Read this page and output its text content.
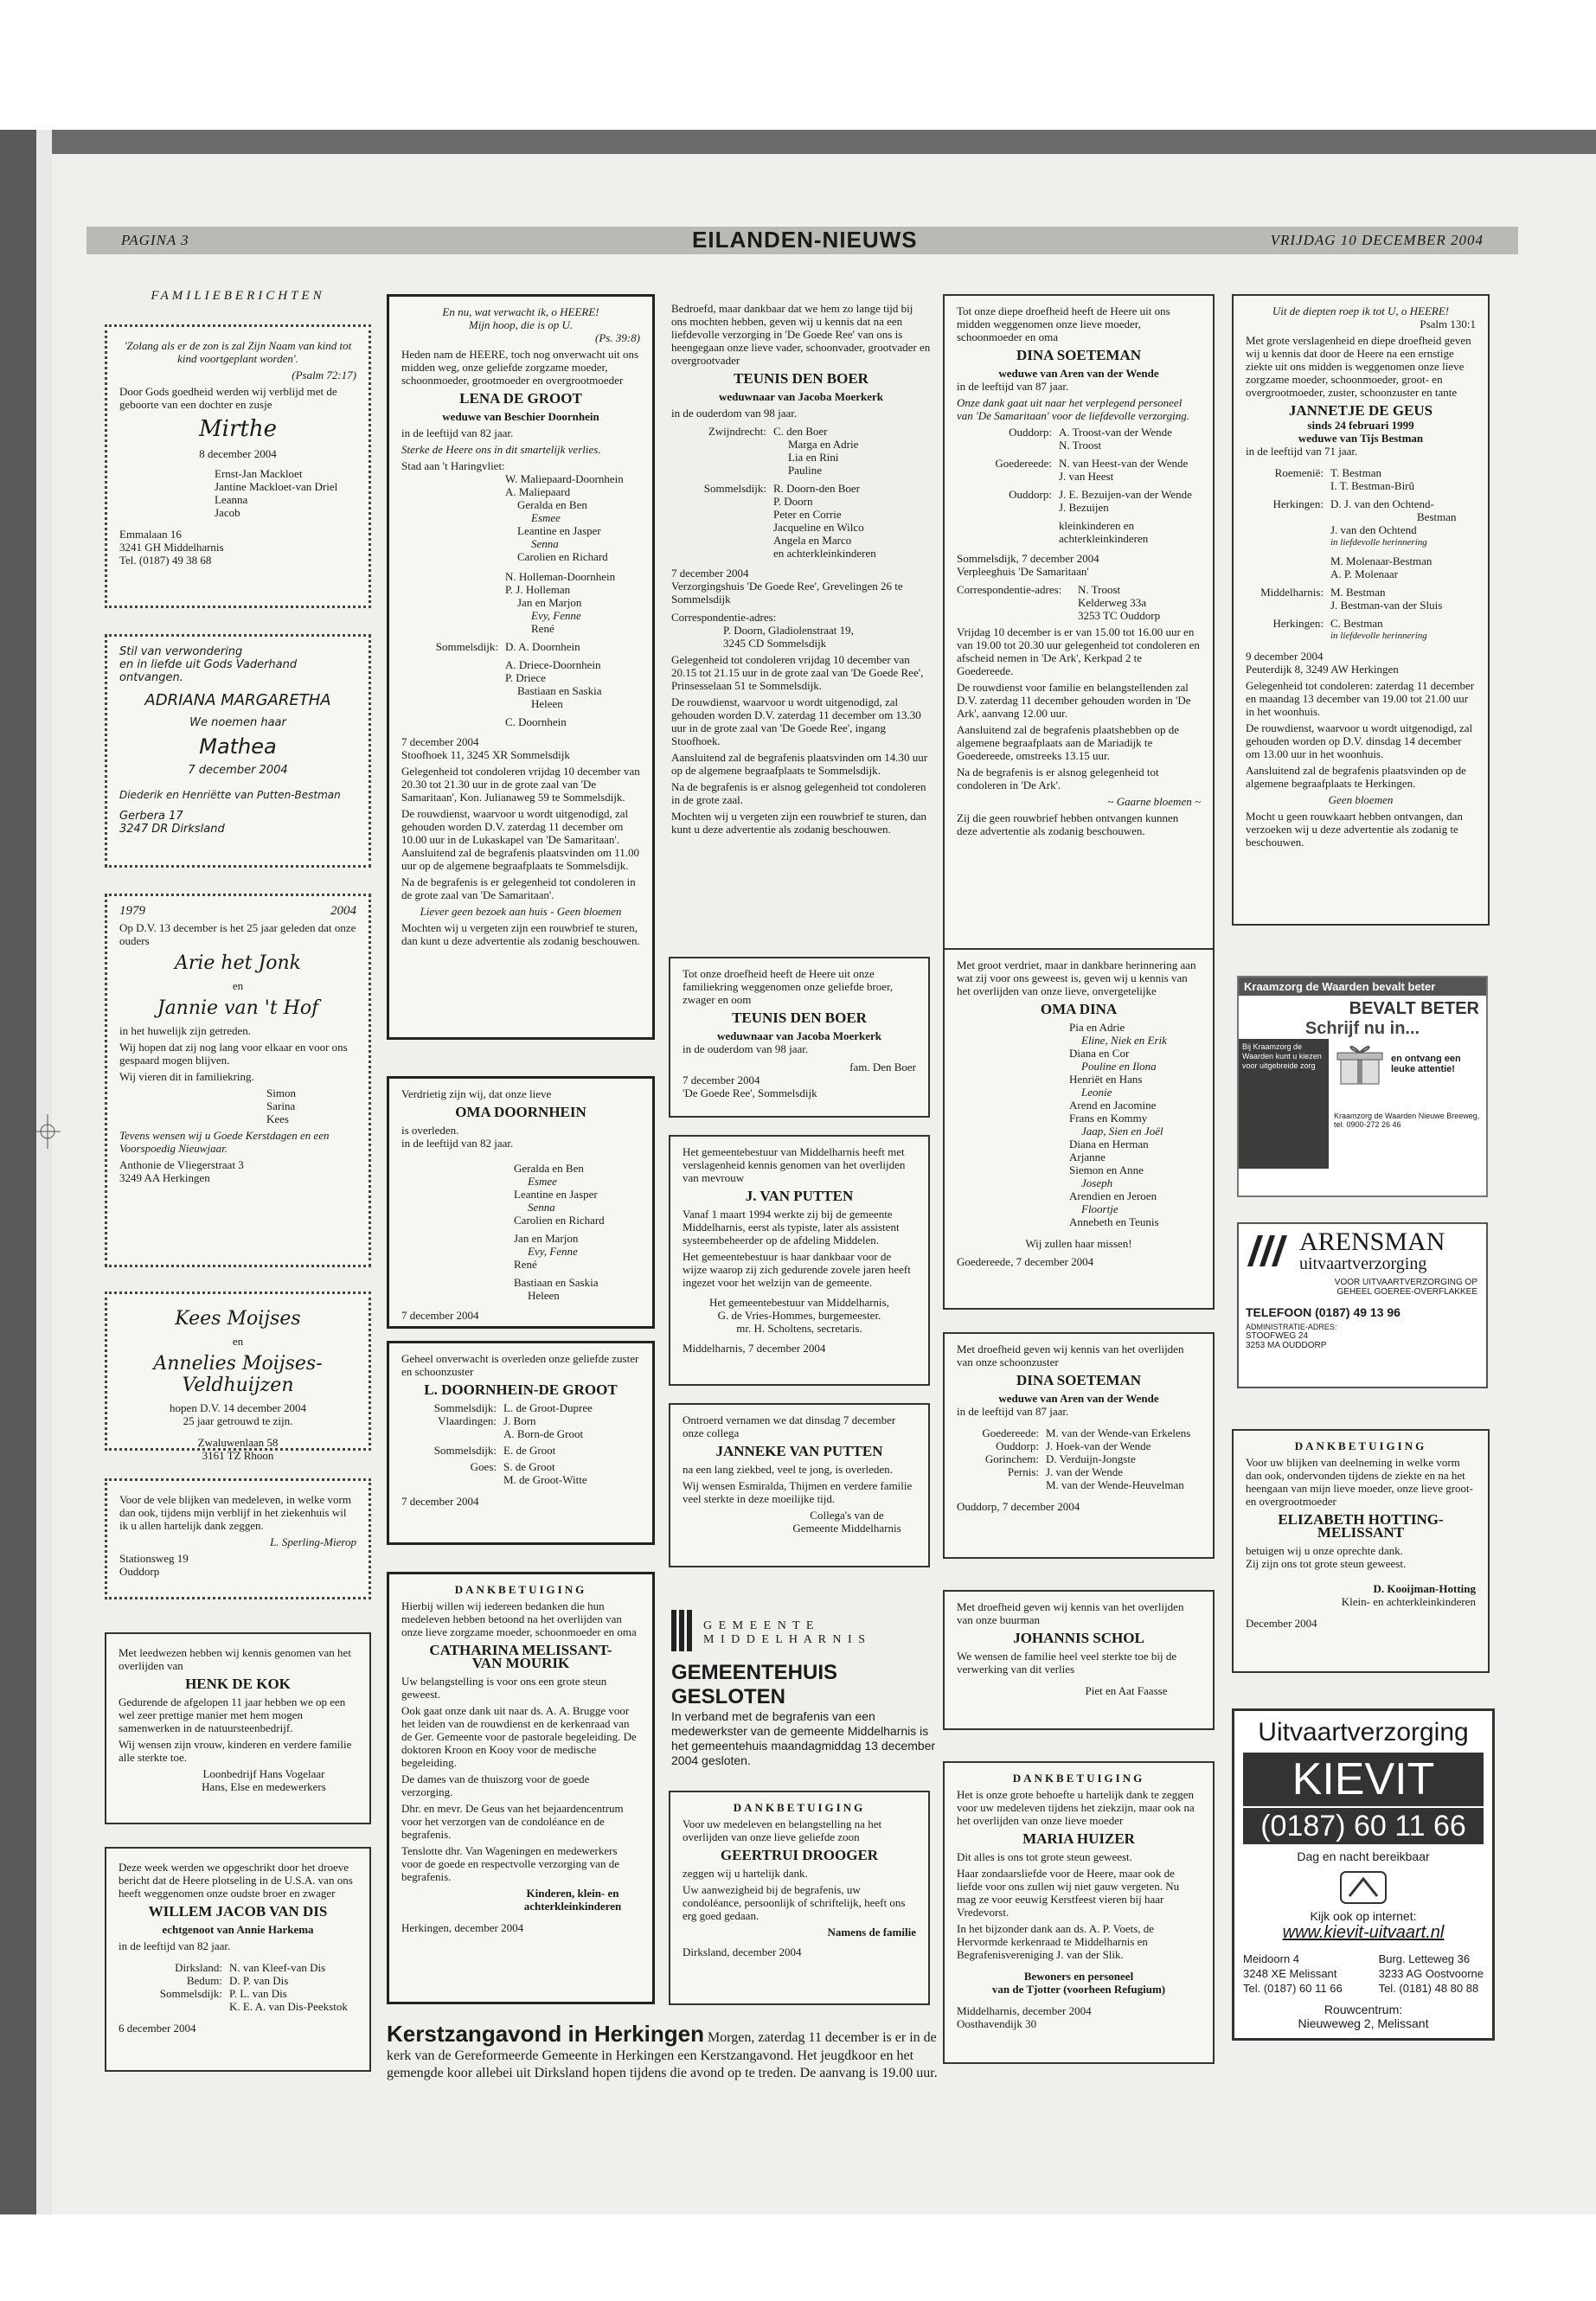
PAGINA 3	EILANDEN-NIEUWS	VRIJDAG 10 DECEMBER 2004
FAMILIEBERICHTEN

'Zolang als er de zon is zal Zijn Naam van kind tot kind voortgeplant worden'.

(Psalm 72:17)

Door Gods goedheid werden wij verblijd met de geboorte van een dochter en zusje

Mirthe

8 december 2004

Ernst-Jan Mackloet
Jantine Mackloet-van Driel
Leanna
Jacob
Emmalaan 16
3241 GH Middelharnis
Tel. (0187) 49 38 68
Stil van verwondering
en in liefde uit Gods Vaderhand ontvangen.
ADRIANA MARGARETHA
We noemen haar
Mathea
7 december 2004
Diederik en Henriëtte van Putten-Bestman
Gerbera 17
3247 DR Dirksland
1979	2004

Op D.V. 13 december is het 25 jaar geleden dat onze ouders

Arie het Jonk
en
Jannie van 't Hof

in het huwelijk zijn getreden.

Wij hopen dat zij nog lang voor elkaar en voor ons gespaard mogen blijven.

Wij vieren dit in familiekring.

Simon
Sarina
Kees

Tevens wensen wij u Goede Kerstdagen en een Voorspoedig Nieuwjaar.

Anthonie de Vliegerstraat 3
3249 AA Herkingen
Kees Moijses
en
Annelies Moijses-Veldhuijzen
hopen D.V. 14 december 2004
25 jaar getrouwd te zijn.
Zwaluwenlaan 58
3161 TZ Rhoon

Voor de vele blijken van medeleven, in welke vorm dan ook, tijdens mijn verblijf in het ziekenhuis wil ik u allen hartelijk dank zeggen.

L. Sperling-Mierop

Stationsweg 19
Ouddorp

Met leedwezen hebben wij kennis genomen van het overlijden van

HENK DE KOK

Gedurende de afgelopen 11 jaar hebben we op een wel zeer prettige manier met hem mogen samenwerken in de natuursteenbedrijf.

Wij wensen zijn vrouw, kinderen en verdere familie alle sterkte toe.

Loonbedrijf Hans Vogelaar
Hans, Else en medewerkers

Deze week werden we opgeschrikt door het droeve bericht dat de Heere plotseling in de U.S.A. van ons heeft weggenomen onze oudste broer en zwager

WILLEM JACOB VAN DIS
echtgenoot van Annie Harkema

in de leeftijd van 82 jaar.

Dirksland: N. van Kleef-van Dis
Bedum: D. P. van Dis
Sommelsdijk: P. L. van Dis
K. E. A. van Dis-Peekstok

6 december 2004

En nu, wat verwacht ik, o HEERE!
Mijn hoop, die is op U.
(Ps. 39:8)

Heden nam de HEERE, toch nog onverwacht uit ons midden weg, onze geliefde zorgzame moeder, schoonmoeder, grootmoeder en overgrootmoeder

LENA DE GROOT
weduwe van Beschier Doornhein

in de leeftijd van 82 jaar.

Sterke de Heere ons in dit smartelijk verlies.

Stad aan 't Haringvliet:
W. Maliepaard-Doornhein
A. Maliepaard
Geralda en Ben
Esmee
Leantine en Jasper
Senna
Carolien en Richard
N. Holleman-Doornhein
P. J. Holleman
Jan en Marjon
Evy, Fenne
René
Sommelsdijk: D. A. Doornhein
A. Driece-Doornhein
P. Driece
Bastiaan en Saskia
Heleen
C. Doornhein
7 december 2004
Stoofhoek 11, 3245 XR Sommelsdijk

Gelegenheid tot condoleren vrijdag 10 december van 20.30 tot 21.30 uur in de grote zaal van 'De Samaritaan', Kon. Julianaweg 59 te Sommelsdijk.

De rouwdienst, waarvoor u wordt uitgenodigd, zal gehouden worden D.V. zaterdag 11 december om 10.00 uur in de Lukaskapel van 'De Samaritaan'. Aansluitend zal de begrafenis plaatsvinden om 11.00 uur op de algemene begraafplaats te Sommelsdijk.

Na de begrafenis is er gelegenheid tot condoleren in de grote zaal van 'De Samaritaan'.

Liever geen bezoek aan huis - Geen bloemen

Mochten wij u vergeten zijn een rouwbrief te sturen, dan kunt u deze advertentie als zodanig beschouwen.

Verdrietig zijn wij, dat onze lieve
OMA DOORNHEIN
is overleden.
in de leeftijd van 82 jaar.
Geralda en Ben
Esmee
Leantine en Jasper
Senna
Carolien en Richard
Jan en Marjon
Evy, Fenne
René
Bastiaan en Saskia
Heleen
7 december 2004
Geheel onverwacht is overleden onze geliefde zuster en schoonzuster
L. DOORNHEIN-DE GROOT
Sommelsdijk: L. de Groot-Dupree
Vlaardingen: J. Born
A. Born-de Groot
Sommelsdijk: E. de Groot
Goes: S. de Groot
M. de Groot-Witte
7 december 2004
DANKBETUIGING

Hierbij willen wij iedereen bedanken die hun medeleven hebben betoond na het overlijden van onze lieve zorgzame moeder, schoonmoeder en oma

CATHARINA MELISSANT-
VAN MOURIK

Uw belangstelling is voor ons een grote steun geweest.

Ook gaat onze dank uit naar ds. A. A. Brugge voor het leiden van de rouwdienst en de kerkenraad van de Ger. Gemeente voor de pastorale begeleiding. De doktoren Kroon en Kooy voor de medische begeleiding.

De dames van de thuiszorg voor de goede verzorging.

Dhr. en mevr. De Geus van het bejaardencentrum voor het verzorgen van de condoléance en de begrafenis.

Tenslotte dhr. Van Wageningen en medewerkers voor de goede en respectvolle verzorging van de begrafenis.

Kinderen, klein- en
achterkleinkinderen
Herkingen, december 2004

Bedroefd, maar dankbaar dat we hem zo lange tijd bij ons mochten hebben, geven wij u kennis dat na een liefdevolle verzorging in 'De Goede Ree' van ons is heengegaan onze lieve vader, schoonvader, grootvader en overgrootvader

TEUNIS DEN BOER
weduwnaar van Jacoba Moerkerk

in de ouderdom van 98 jaar.

Zwijndrecht: C. den Boer
Marga en Adrie
Lia en Rini
Pauline
Sommelsdijk: R. Doorn-den Boer
P. Doorn
Peter en Corrie
Jacqueline en Wilco
Angela en Marco
en achterkleinkinderen
7 december 2004
Verzorgingshuis 'De Goede Ree', Grevelingen 26 te Sommelsdijk
Correspondentie-adres:
P. Doorn, Gladiolenstraat 19,
3245 CD Sommelsdijk

Gelegenheid tot condoleren vrijdag 10 december van 20.15 tot 21.15 uur in de grote zaal van 'De Goede Ree', Prinsesselaan 51 te Sommelsdijk.

De rouwdienst, waarvoor u wordt uitgenodigd, zal gehouden worden D.V. zaterdag 11 december om 13.30 uur in de grote zaal van 'De Goede Ree', ingang Stoofhoek.

Aansluitend zal de begrafenis plaatsvinden om 14.30 uur op de algemene begraafplaats te Sommelsdijk.

Na de begrafenis is er alsnog gelegenheid tot condoleren in de grote zaal.

Mochten wij u vergeten zijn een rouwbrief te sturen, dan kunt u deze advertentie als zodanig beschouwen.

Tot onze droefheid heeft de Heere uit onze familiekring weggenomen onze geliefde broer, zwager en oom
TEUNIS DEN BOER
weduwnaar van Jacoba Moerkerk
in de ouderdom van 98 jaar.
fam. Den Boer
7 december 2004
'De Goede Ree', Sommelsdijk
Het gemeentebestuur van Middelharnis heeft met verslagenheid kennis genomen van het overlijden van mevrouw
J. VAN PUTTEN

Vanaf 1 maart 1994 werkte zij bij de gemeente Middelharnis, eerst als typiste, later als assistent systeembeheerder op de afdeling Middelen.

Het gemeentebestuur is haar dankbaar voor de wijze waarop zij zich gedurende zovele jaren heeft ingezet voor het welzijn van de gemeente.

Het gemeentebestuur van Middelharnis,
G. de Vries-Hommes, burgemeester.
mr. H. Scholtens, secretaris.
Middelharnis, 7 december 2004
Ontroerd vernamen we dat dinsdag 7 december onze collega
JANNEKE VAN PUTTEN

na een lang ziekbed, veel te jong, is overleden.

Wij wensen Esmiralda, Thijmen en verdere familie veel sterkte in deze moeilijke tijd.

Collega's van de
Gemeente Middelharnis
G E M E E N T E
M I D D E L H A R N I S
GEMEENTEHUIS GESLOTEN
In verband met de begrafenis van een medewerkster van de gemeente Middelharnis is het gemeentehuis maandagmiddag 13 december 2004 gesloten.
DANKBETUIGING

Voor uw medeleven en belangstelling na het overlijden van onze lieve geliefde zoon

GEERTRUI DROOGER

zeggen wij u hartelijk dank.

Uw aanwezigheid bij de begrafenis, uw condoléance, persoonlijk of schriftelijk, heeft ons erg goed gedaan.

Namens de familie
Dirksland, december 2004
Tot onze diepe droefheid heeft de Heere uit ons midden weggenomen onze lieve moeder, schoonmoeder en oma
DINA SOETEMAN
weduwe van Aren van der Wende
in de leeftijd van 87 jaar.

Onze dank gaat uit naar het verplegend personeel van 'De Samaritaan' voor de liefdevolle verzorging.

Ouddorp: A. Troost-van der Wende
N. Troost
Goedereede: N. van Heest-van der Wende
J. van Heest
Ouddorp: J. E. Bezuijen-van der Wende
J. Bezuijen
kleinkinderen en
achterkleinkinderen
Sommelsdijk, 7 december 2004
Verpleeghuis 'De Samaritaan'
Correspondentie-adres:	N. Troost
Kelderweg 33a
3253 TC Ouddorp

Vrijdag 10 december is er van 15.00 tot 16.00 uur en van 19.00 tot 20.30 uur gelegenheid tot condoleren en afscheid nemen in 'De Ark', Kerkpad 2 te Goedereede.

De rouwdienst voor familie en belangstellenden zal D.V. zaterdag 11 december gehouden worden in 'De Ark', aanvang 12.00 uur.

Aansluitend zal de begrafenis plaatshebben op de algemene begraafplaats aan de Mariadijk te Goedereede, omstreeks 13.15 uur.

Na de begrafenis is er alsnog gelegenheid tot condoleren in 'De Ark'.

~ Gaarne bloemen ~

Zij die geen rouwbrief hebben ontvangen kunnen deze advertentie als zodanig beschouwen.

Met groot verdriet, maar in dankbare herinnering aan wat zij voor ons geweest is, geven wij u kennis van het overlijden van onze lieve, onvergetelijke
OMA DINA
Pia en Adrie
Eline, Niek en Erik
Diana en Cor
Pouline en Ilona
Henriët en Hans
Leonie
Arend en Jacomine
Frans en Kommy
Jaap, Sien en Joël
Diana en Herman
Arjanne
Siemon en Anne
Joseph
Arendien en Jeroen
Floortje
Annebeth en Teunis
Wij zullen haar missen!
Goedereede, 7 december 2004
Met droefheid geven wij kennis van het overlijden van onze schoonzuster
DINA SOETEMAN
weduwe van Aren van der Wende
in de leeftijd van 87 jaar.
Goedereede: M. van der Wende-van Erkelens
Ouddorp: J. Hoek-van der Wende
Gorinchem: D. Verduijn-Jongste
Pernis: J. van der Wende
M. van der Wende-Heuvelman
Ouddorp, 7 december 2004
Met droefheid geven wij kennis van het overlijden van onze buurman
JOHANNIS SCHOL

We wensen de familie heel veel sterkte toe bij de verwerking van dit verlies

Piet en Aat Faasse
DANKBETUIGING

Het is onze grote behoefte u hartelijk dank te zeggen voor uw medeleven tijdens het ziekzijn, maar ook na het overlijden van onze lieve moeder

MARIA HUIZER

Dit alles is ons tot grote steun geweest.

Haar zondaarsliefde voor de Heere, maar ook de liefde voor ons zullen wij niet gauw vergeten. Nu mag ze voor eeuwig Kerstfeest vieren bij haar Vredevorst.

In het bijzonder dank aan ds. A. P. Voets, de Hervormde kerkenraad te Middelharnis en Begrafenisvereniging J. van der Slik.

Bewoners en personeel
van de Tjotter (voorheen Refugium)
Middelharnis, december 2004
Oosthavendijk 30
Uit de diepten roep ik tot U, o HEERE!
Psalm 130:1

Met grote verslagenheid en diepe droefheid geven wij u kennis dat door de Heere na een ernstige ziekte uit ons midden is weggenomen onze lieve zorgzame moeder, schoonmoeder, groot- en overgrootmoeder, zuster, schoonzuster en tante

JANNETJE DE GEUS
sinds 24 februari 1999
weduwe van Tijs Bestman
in de leeftijd van 71 jaar.
Roemenië: T. Bestman
I. T. Bestman-Birũ
Herkingen: D. J. van den Ochtend-
Bestman
J. van den Ochtend
in liefdevolle herinnering
M. Molenaar-Bestman
A. P. Molenaar
Middelharnis: M. Bestman
J. Bestman-van der Sluis
Herkingen: C. Bestman
in liefdevolle herinnering
9 december 2004
Peuterdijk 8, 3249 AW Herkingen

Gelegenheid tot condoleren: zaterdag 11 december en maandag 13 december van 19.00 tot 21.00 uur in het woonhuis.

De rouwdienst, waarvoor u wordt uitgenodigd, zal gehouden worden op D.V. dinsdag 14 december om 13.00 uur in het woonhuis.

Aansluitend zal de begrafenis plaatsvinden op de algemene begraafplaats te Herkingen.

Geen bloemen

Mocht u geen rouwkaart hebben ontvangen, dan verzoeken wij u deze advertentie als zodanig te beschouwen.

Kraamzorg de Waarden bevalt beter
BEVALT BETER
Schrijf nu in...
Bij Kraamzorg de Waarden kunt u kiezen voor uitgebreide zorg
en ontvang een leuke attentie!
Kraamzorg de Waarden Nieuwe Breeweg, tel. 0900-272 26 46
ARENSMAN
uitvaartverzorging
VOOR UITVAARTVERZORGING OP
GEHEEL GOEREE-OVERFLAKKEE
TELEFOON (0187) 49 13 96
ADMINISTRATIE-ADRES:
STOOFWEG 24
3253 MA OUDDORP
DANKBETUIGING

Voor uw blijken van deelneming in welke vorm dan ook, ondervonden tijdens de ziekte en na het heengaan van mijn lieve moeder, onze lieve groot- en overgrootmoeder

ELIZABETH HOTTING-
MELISSANT
betuigen wij u onze oprechte dank.
Zij zijn ons tot grote steun geweest.
D. Kooijman-Hotting
Klein- en achterkleinkinderen
December 2004
Uitvaartverzorging
KIEVIT
(0187) 60 11 66
Dag en nacht bereikbaar
Kijk ook op internet:
www.kievit-uitvaart.nl
Meidoorn 4
3248 XE Melissant
Tel. (0187) 60 11 66
Burg. Letteweg 36
3233 AG Oostvoorne
Tel. (0181) 48 80 88
Rouwcentrum:
Nieuweweg 2, Melissant
Kerstzangavond in Herkingen Morgen, zaterdag 11 december is er in de kerk van de Gereformeerde Gemeente in Herkingen een Kerstzangavond. Het jeugdkoor en het gemengde koor allebei uit Dirksland hopen tijdens die avond op te treden. De aanvang is 19.00 uur.
